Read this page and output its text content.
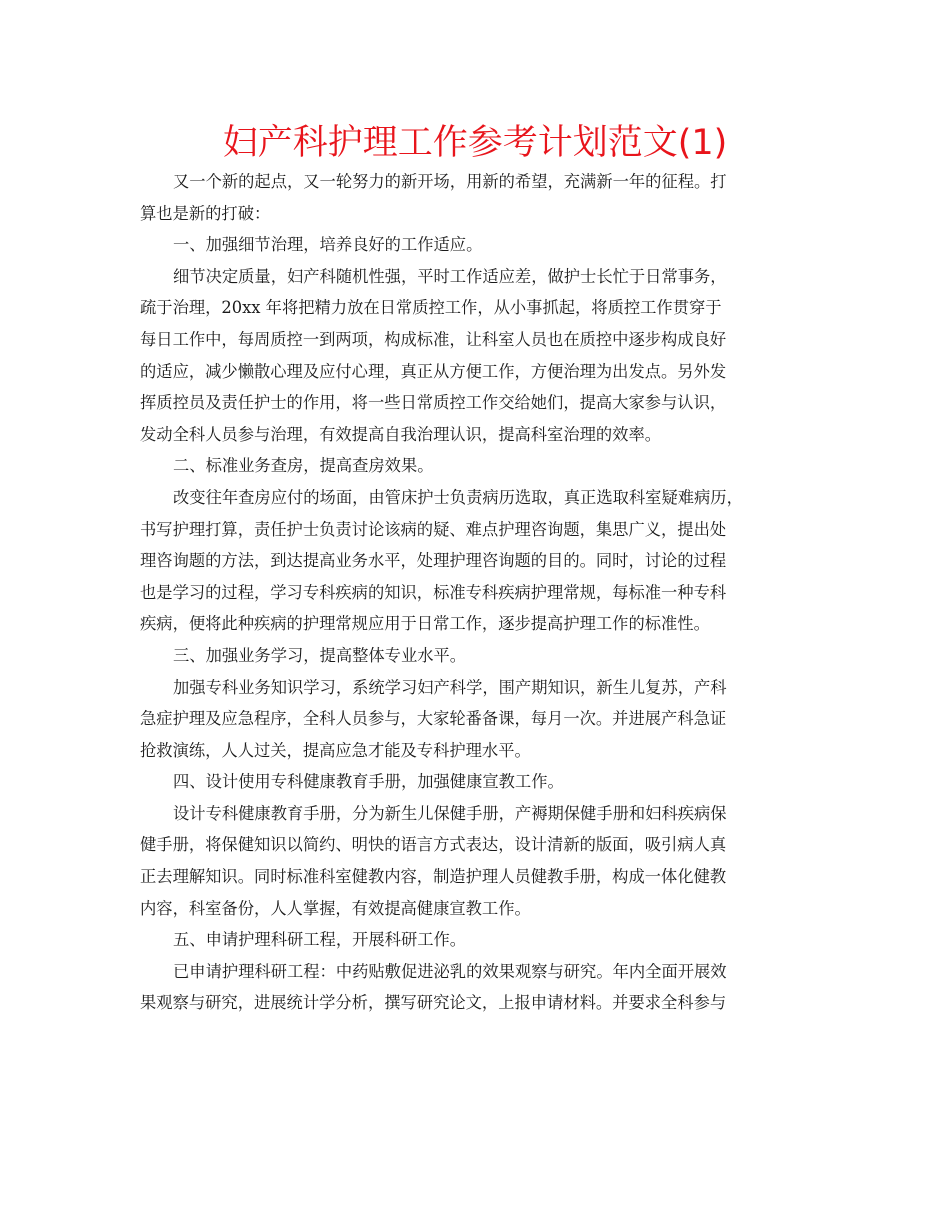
妇产科护理工作参考计划范文(1)
又一个新的起点，又一轮努力的新开场，用新的希望，充满新一年的征程。打
算也是新的打破：
一、加强细节治理，培养良好的工作适应。
细节决定质量，妇产科随机性强，平时工作适应差，做护士长忙于日常事务，
疏于治理，20xx 年将把精力放在日常质控工作，从小事抓起，将质控工作贯穿于
每日工作中，每周质控一到两项，构成标准，让科室人员也在质控中逐步构成良好
的适应，减少懒散心理及应付心理，真正从方便工作，方便治理为出发点。另外发
挥质控员及责任护士的作用，将一些日常质控工作交给她们，提高大家参与认识，
发动全科人员参与治理，有效提高自我治理认识，提高科室治理的效率。
二、标准业务查房，提高查房效果。
改变往年查房应付的场面，由管床护士负责病历选取，真正选取科室疑难病历，
书写护理打算，责任护士负责讨论该病的疑、难点护理咨询题，集思广义，提出处
理咨询题的方法，到达提高业务水平，处理护理咨询题的目的。同时，讨论的过程
也是学习的过程，学习专科疾病的知识，标准专科疾病护理常规，每标准一种专科
疾病，便将此种疾病的护理常规应用于日常工作，逐步提高护理工作的标准性。
三、加强业务学习，提高整体专业水平。
加强专科业务知识学习，系统学习妇产科学，围产期知识，新生儿复苏，产科
急症护理及应急程序，全科人员参与，大家轮番备课，每月一次。并进展产科急证
抢救演练，人人过关，提高应急才能及专科护理水平。
四、设计使用专科健康教育手册，加强健康宣教工作。
设计专科健康教育手册，分为新生儿保健手册，产褥期保健手册和妇科疾病保
健手册，将保健知识以简约、明快的语言方式表达，设计清新的版面，吸引病人真
正去理解知识。同时标准科室健教内容，制造护理人员健教手册，构成一体化健教
内容，科室备份，人人掌握，有效提高健康宣教工作。
五、申请护理科研工程，开展科研工作。
已申请护理科研工程：中药贴敷促进泌乳的效果观察与研究。年内全面开展效
果观察与研究，进展统计学分析，撰写研究论文，上报申请材料。并要求全科参与
